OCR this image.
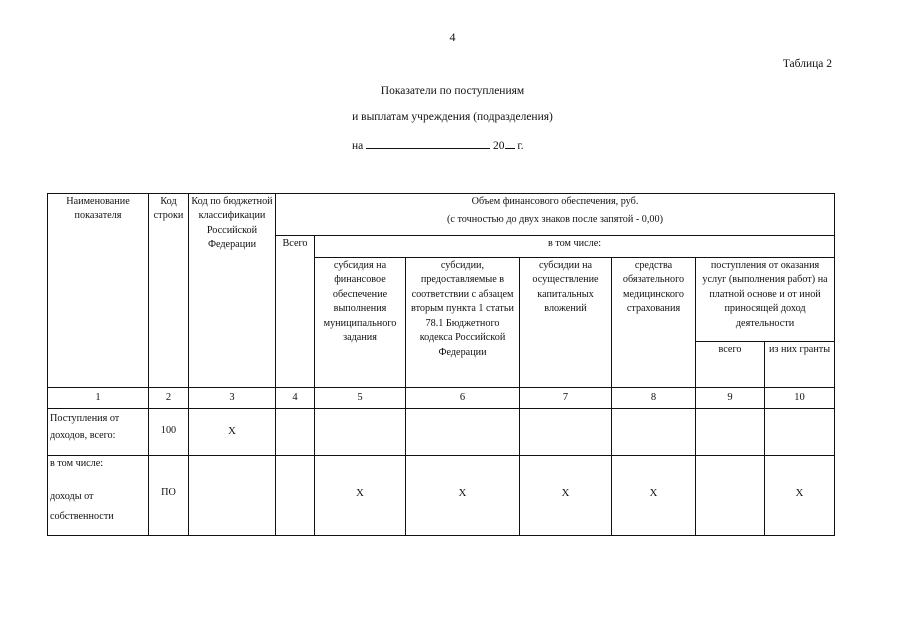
4
Таблица 2
Показатели по поступлениям
и выплатам учреждения (подразделения)
на	20 г.
Наименование показателя	Код строки	Код по бюджетной классификации Российской Федерации	Объем финансового обеспечения, руб.
(с точностью до двух знаков после запятой - 0,00)						

			Всего	в том числе:					
				субсидия на финансовое обеспечение выполнения муниципального задания	субсидии, предоставляемые в соответствии с абзацем вторым пункта 1 статьи 78.1 Бюджетного кодекса Российской Федерации	субсидии на осуществление капитальных вложений	средства обязательного медицинского страхования	поступления от оказания услуг (выполнения работ) на платной основе и от иной приносящей доход деятельности	
								всего	из них гранты
1	2	3	4	5	6	7	8	9	10
Поступления от доходов, всего:	100	X							

в том числе:
доходы от собственности	ПО			X	X	X	X		X
